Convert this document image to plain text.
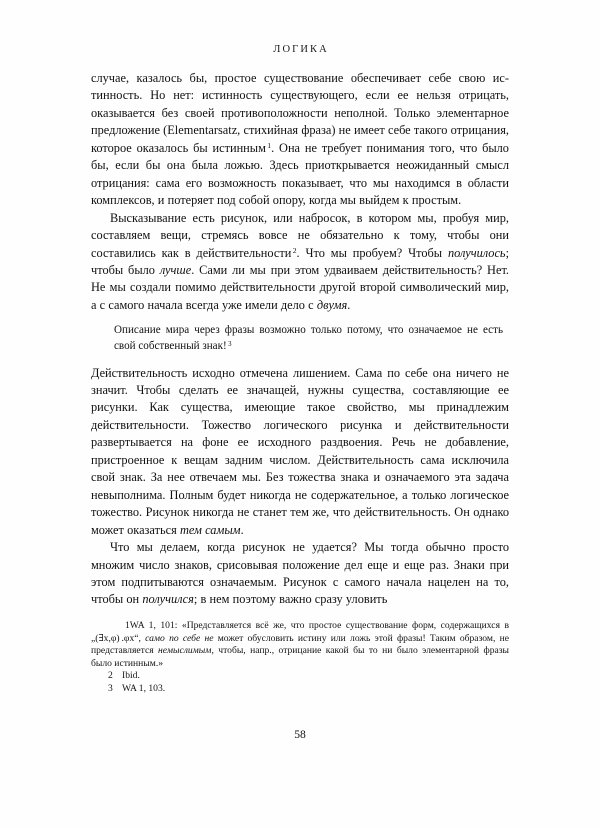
ЛОГИКА

случае, казалось бы, простое существование обеспечивает себе свою истинность. Но нет: истинность существующего, если ее нельзя отрицать, оказывается без своей противоположности неполной. Только элементарное предложение (Elementarsatz, стихийная фраза) не имеет себе такого отрицания, которое оказалось бы истинным$^1$. Она не требует понимания того, что было бы, если бы она была ложью. Здесь приоткрывается неожиданный смысл отрицания: сама его возможность показывает, что мы находимся в области комплексов, и потеряет под собой опору, когда мы выйдем к простым.

Высказывание есть рисунок, или набросок, в котором мы, пробуя мир, составляем вещи, стремясь вовсе не обязательно к тому, чтобы они составились как в действительности$^2$. Что мы пробуем? Чтобы получилось; чтобы было лучше. Сами ли мы при этом удваиваем действительность? Нет. Не мы создали помимо действительности другой второй символический мир, а с самого начала всегда уже имели дело с двумя.

Описание мира через фразы возможно только потому, что означаемое не есть свой собственный знак!$^3$

Действительность исходно отмечена лишением. Сама по себе она ничего не значит. Чтобы сделать ее значащей, нужны существа, составляющие ее рисунки. Как существа, имеющие такое свойство, мы принадлежим действительности. Тожество логического рисунка и действительности развертывается на фоне ее исходного раздвоения. Речь не добавление, пристроенное к вещам задним числом. Действительность сама исключила свой знак. За нее отвечаем мы. Без тожества знака и означаемого эта задача невыполнима. Полным будет никогда не содержательное, а только логическое тожество. Рисунок никогда не станет тем же, что действительность. Он однако может оказаться тем самым.

Что мы делаем, когда рисунок не удается? Мы тогда обычно просто множим число знаков, срисовывая положение дел еще и еще раз. Знаки при этом подпитываются означаемым. Рисунок с самого начала нацелен на то, чтобы он получился; в нем поэтому важно сразу уловить

1WA 1, 101: «Представляется всё же, что простое существование форм, содержащихся в „(∃x,φ) .φx“, само по себе не может обусловить истину или ложь этой фразы! Таким образом, не представляется немыслимым, чтобы, напр., отрицание какой бы то ни было элементарной фразы было истинным.»

2 Ibid.

3 WA 1, 103.

58
